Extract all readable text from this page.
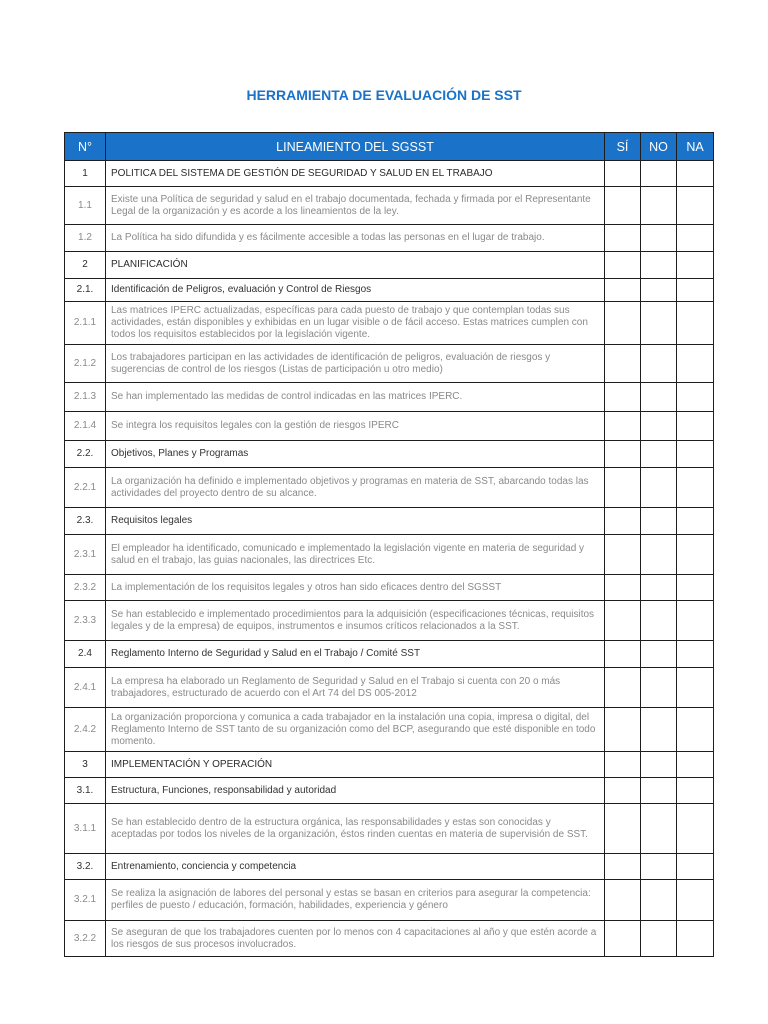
HERRAMIENTA DE EVALUACIÓN DE SST
N°	LINEAMIENTO DEL SGSST	SÍ	NO	NA
1	POLITICA DEL SISTEMA DE GESTIÓN DE SEGURIDAD Y SALUD EN EL TRABAJO			
1.1	Existe una Política de seguridad y salud en el trabajo documentada, fechada y firmada por el Representante Legal de la organización y es acorde a los lineamientos de la ley.			
1.2	La Política ha sido difundida y es fácilmente accesible a todas las personas en el lugar de trabajo.			
2	PLANIFICACIÓN			
2.1.	Identificación de Peligros, evaluación y Control de Riesgos			
2.1.1	Las matrices IPERC actualizadas, específicas para cada puesto de trabajo y que contemplan todas sus actividades, están disponibles y exhibidas en un lugar visible o de fácil acceso. Estas matrices cumplen con todos los requisitos establecidos por la legislación vigente.			
2.1.2	Los trabajadores participan en las actividades de identificación de peligros, evaluación de riesgos y sugerencias de control de los riesgos (Listas de participación u otro medio)			
2.1.3	Se han implementado las medidas de control indicadas en las matrices IPERC.			
2.1.4	Se integra los requisitos legales con la gestión de riesgos IPERC			
2.2.	Objetivos, Planes y Programas			
2.2.1	La organización ha definido e implementado objetivos y programas en materia de SST, abarcando todas las actividades del proyecto dentro de su alcance.			
2.3.	Requisitos legales			
2.3.1	El empleador ha identificado, comunicado e implementado la legislación vigente en materia de seguridad y salud en el trabajo, las guias nacionales, las directrices Etc.			
2.3.2	La implementación de los requisitos legales y otros han sido eficaces dentro del SGSST			
2.3.3	Se han establecido e implementado procedimientos para la adquisición (especificaciones técnicas, requisitos legales y de la empresa) de equipos, instrumentos e insumos críticos relacionados a la SST.			
2.4	Reglamento Interno de Seguridad y Salud en el Trabajo / Comité SST			
2.4.1	La empresa ha elaborado un Reglamento de Seguridad y Salud en el Trabajo si cuenta con 20 o más trabajadores, estructurado de acuerdo con el Art 74 del DS 005-2012			
2.4.2	La organización proporciona y comunica a cada trabajador en la instalación una copia, impresa o digital, del Reglamento Interno de SST tanto de su organización como del BCP, asegurando que esté disponible en todo momento.			
3	IMPLEMENTACIÓN Y OPERACIÓN			
3.1.	Estructura, Funciones, responsabilidad y autoridad			
3.1.1	Se han establecido dentro de la estructura orgánica, las responsabilidades y estas son conocidas y aceptadas por todos los niveles de la organización, éstos rinden cuentas en materia de supervisión de SST.			
3.2.	Entrenamiento, conciencia y competencia			
3.2.1	Se realiza la asignación de labores del personal y estas se basan en criterios para asegurar la competencia: perfiles de puesto / educación, formación, habilidades, experiencia y género			
3.2.2	Se aseguran de que los trabajadores cuenten por lo menos con 4 capacitaciones al año y que estén acorde a los riesgos de sus procesos involucrados.			
